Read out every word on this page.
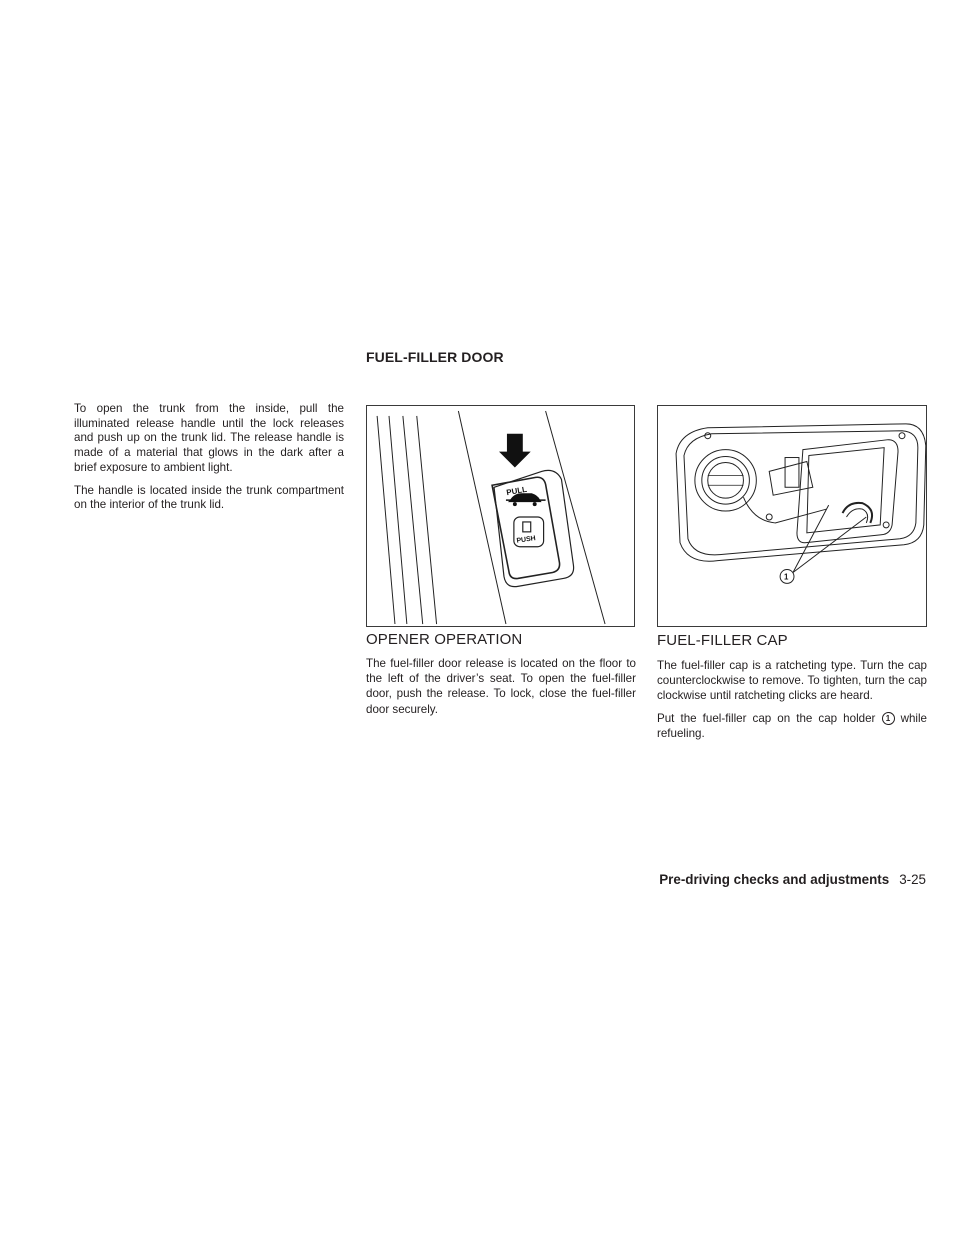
To open the trunk from the inside, pull the illuminated release handle until the lock releases and push up on the trunk lid. The release handle is made of a material that glows in the dark after a brief exposure to ambient light.

The handle is located inside the trunk compartment on the interior of the trunk lid.

FUEL-FILLER DOOR
PULL
PUSH
1
OPENER OPERATION

The fuel-filler door release is located on the floor to the left of the driver’s seat. To open the fuel-filler door, push the release. To lock, close the fuel-filler door securely.

FUEL-FILLER CAP

The fuel-filler cap is a ratcheting type. Turn the cap counterclockwise to remove. To tighten, turn the cap clockwise until ratcheting clicks are heard.

Put the fuel-filler cap on the cap holder 1 while refueling.

Pre-driving checks and adjustments 3-25
